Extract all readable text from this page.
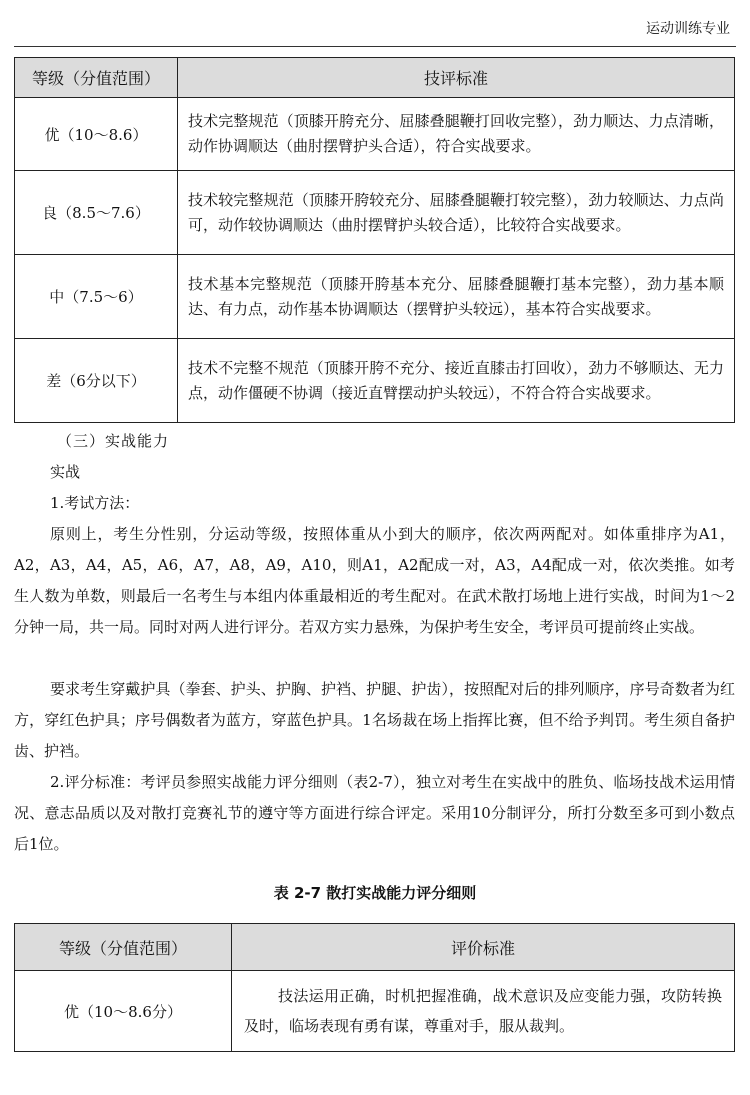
运动训练专业
等级（分值范围）	技评标准
优（10～8.6）	技术完整规范（顶膝开胯充分、屈膝叠腿鞭打回收完整），劲力顺达、力点清晰，动作协调顺达（曲肘摆臂护头合适），符合实战要求。
良（8.5～7.6）	技术较完整规范（顶膝开胯较充分、屈膝叠腿鞭打较完整），劲力较顺达、力点尚可，动作较协调顺达（曲肘摆臂护头较合适），比较符合实战要求。
中（7.5～6）	技术基本完整规范（顶膝开胯基本充分、屈膝叠腿鞭打基本完整），劲力基本顺达、有力点，动作基本协调顺达（摆臂护头较远），基本符合实战要求。
差（6分以下）	技术不完整不规范（顶膝开胯不充分、接近直膝击打回收），劲力不够顺达、无力点，动作僵硬不协调（接近直臂摆动护头较远），不符合符合实战要求。
（三）实战能力
实战
1.考试方法：
原则上，考生分性别，分运动等级，按照体重从小到大的顺序，依次两两配对。如体重排序为A1，A2，A3，A4，A5，A6，A7，A8，A9，A10，则A1，A2配成一对，A3，A4配成一对，依次类推。如考生人数为单数，则最后一名考生与本组内体重最相近的考生配对。在武术散打场地上进行实战，时间为1～2分钟一局，共一局。同时对两人进行评分。若双方实力悬殊，为保护考生安全，考评员可提前终止实战。
要求考生穿戴护具（拳套、护头、护胸、护裆、护腿、护齿），按照配对后的排列顺序，序号奇数者为红方，穿红色护具；序号偶数者为蓝方，穿蓝色护具。1名场裁在场上指挥比赛，但不给予判罚。考生须自备护齿、护裆。
2.评分标准：考评员参照实战能力评分细则（表2-7），独立对考生在实战中的胜负、临场技战术运用情况、意志品质以及对散打竞赛礼节的遵守等方面进行综合评定。采用10分制评分，所打分数至多可到小数点后1位。
表 2-7 散打实战能力评分细则
等级（分值范围）	评价标准
优（10～8.6分）	技法运用正确，时机把握准确，战术意识及应变能力强，攻防转换及时，临场表现有勇有谋，尊重对手，服从裁判。
